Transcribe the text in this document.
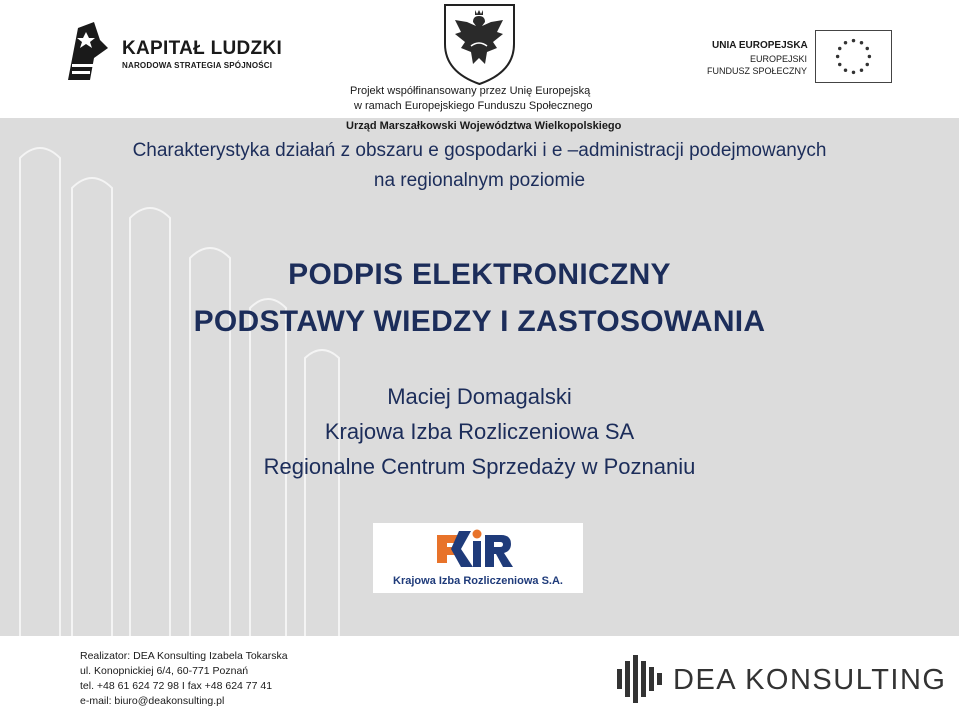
KAPITAŁ LUDZKI
NARODOWA STRATEGIA SPÓJNOŚCI
Projekt współfinansowany przez Unię Europejską
w ramach Europejskiego Funduszu Społecznego
UNIA EUROPEJSKA
EUROPEJSKI
FUNDUSZ SPOŁECZNY
Urząd Marszałkowski Województwa Wielkopolskiego
Charakterystyka działań z obszaru e gospodarki i e –administracji podejmowanych
na regionalnym poziomie
PODPIS ELEKTRONICZNY
PODSTAWY WIEDZY I ZASTOSOWANIA
Maciej Domagalski
Krajowa Izba Rozliczeniowa SA
Regionalne Centrum Sprzedaży w Poznaniu
Krajowa Izba Rozliczeniowa S.A.
Realizator: DEA Konsulting Izabela Tokarska
ul. Konopnickiej 6/4, 60-771 Poznań
tel. +48 61 624 72 98 I fax +48 624 77 41
e-mail: biuro@deakonsulting.pl
DEA KONSULTING
